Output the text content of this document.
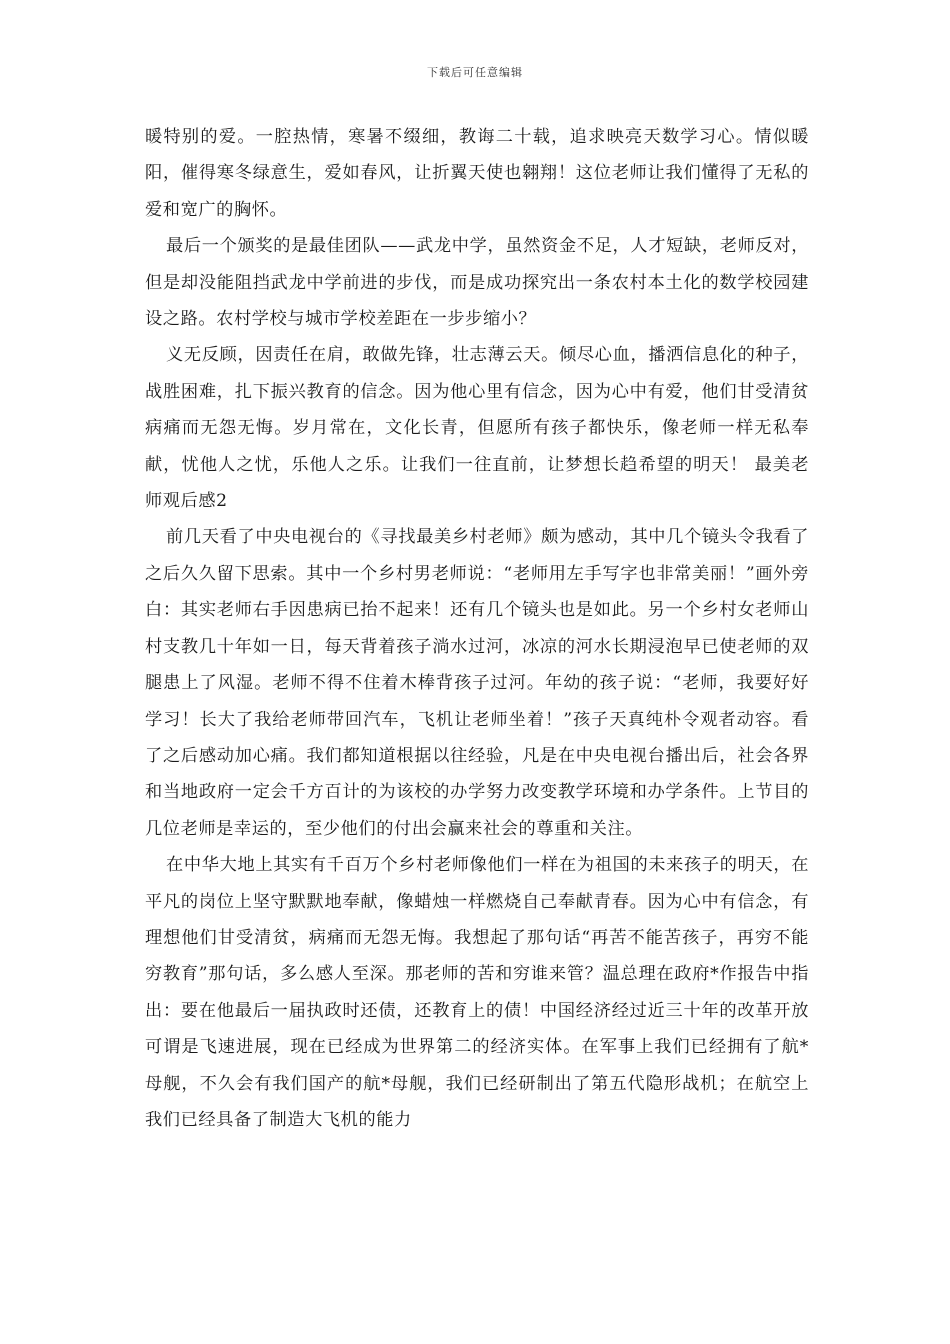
下载后可任意编辑

暖特别的爱。一腔热情，寒暑不缀细，教诲二十载，追求映亮天数学习心。情似暖阳，催得寒冬绿意生，爱如春风，让折翼天使也翱翔！这位老师让我们懂得了无私的爱和宽广的胸怀。

最后一个颁奖的是最佳团队——武龙中学，虽然资金不足，人才短缺，老师反对，但是却没能阻挡武龙中学前进的步伐，而是成功探究出一条农村本土化的数学校园建设之路。农村学校与城市学校差距在一步步缩小？

义无反顾，因责任在肩，敢做先锋，壮志薄云天。倾尽心血，播洒信息化的种子，战胜困难，扎下振兴教育的信念。因为他心里有信念，因为心中有爱，他们甘受清贫病痛而无怨无悔。岁月常在，文化长青，但愿所有孩子都快乐，像老师一样无私奉献，忧他人之忧，乐他人之乐。让我们一往直前，让梦想长趋希望的明天！ 最美老师观后感2

前几天看了中央电视台的《寻找最美乡村老师》颇为感动，其中几个镜头令我看了之后久久留下思索。其中一个乡村男老师说：“老师用左手写字也非常美丽！”画外旁白：其实老师右手因患病已抬不起来！还有几个镜头也是如此。另一个乡村女老师山村支教几十年如一日，每天背着孩子淌水过河，冰凉的河水长期浸泡早已使老师的双腿患上了风湿。老师不得不住着木棒背孩子过河。年幼的孩子说：“老师，我要好好学习！长大了我给老师带回汽车，飞机让老师坐着！”孩子天真纯朴令观者动容。看了之后感动加心痛。我们都知道根据以往经验，凡是在中央电视台播出后，社会各界和当地政府一定会千方百计的为该校的办学努力改变教学环境和办学条件。上节目的几位老师是幸运的，至少他们的付出会赢来社会的尊重和关注。

在中华大地上其实有千百万个乡村老师像他们一样在为祖国的未来孩子的明天，在平凡的岗位上坚守默默地奉献，像蜡烛一样燃烧自己奉献青春。因为心中有信念，有理想他们甘受清贫，病痛而无怨无悔。我想起了那句话“再苦不能苦孩子，再穷不能穷教育”那句话，多么感人至深。那老师的苦和穷谁来管？温总理在政府*作报告中指出：要在他最后一届执政时还债，还教育上的债！中国经济经过近三十年的改革开放可谓是飞速进展，现在已经成为世界第二的经济实体。在军事上我们已经拥有了航*母舰，不久会有我们国产的航*母舰，我们已经研制出了第五代隐形战机；在航空上我们已经具备了制造大飞机的能力
